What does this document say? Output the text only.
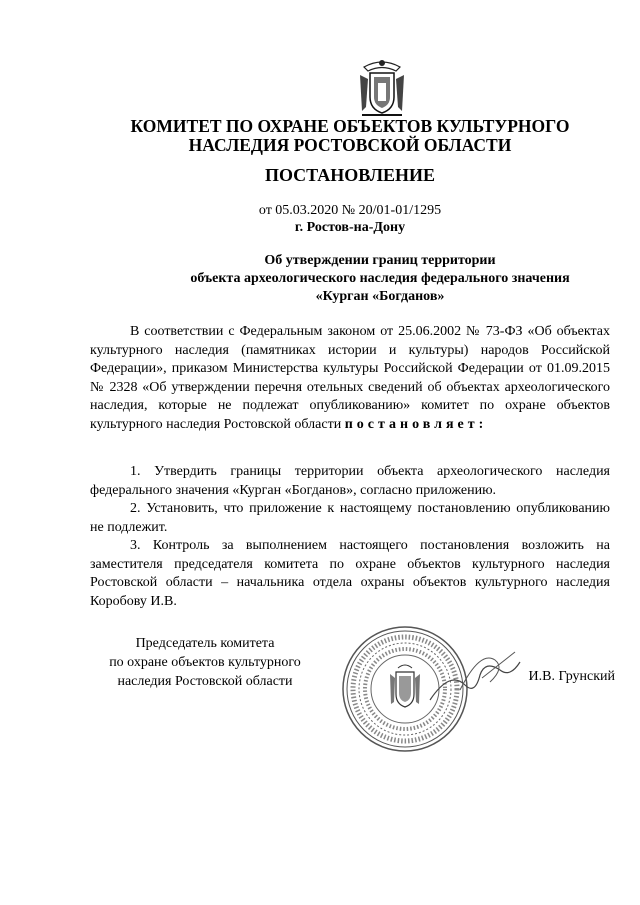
КОМИТЕТ ПО ОХРАНЕ ОБЪЕКТОВ КУЛЬТУРНОГО
НАСЛЕДИЯ РОСТОВСКОЙ ОБЛАСТИ
ПОСТАНОВЛЕНИЕ
от 05.03.2020 № 20/01-01/1295
г. Ростов-на-Дону
Об утверждении границ территории
объекта археологического наследия федерального значения
«Курган «Богданов»
В соответствии с Федеральным законом от 25.06.2002 № 73-ФЗ «Об объектах культурного наследия (памятниках истории и культуры) народов Российской Федерации», приказом Министерства культуры Российской Федерации от 01.09.2015 № 2328 «Об утверждении перечня отельных сведений об объектах археологического наследия, которые не подлежат опубликованию» комитет по охране объектов культурного наследия Ростовской области постановляет:
1. Утвердить границы территории объекта археологического наследия федерального значения «Курган «Богданов», согласно приложению.
2. Установить, что приложение к настоящему постановлению опубликованию не подлежит.
3. Контроль за выполнением настоящего постановления возложить на заместителя председателя комитета по охране объектов культурного наследия Ростовской области – начальника отдела охраны объектов культурного наследия Коробову И.В.
Председатель комитета
по охране объектов культурного
наследия Ростовской области	И.В. Грунский
